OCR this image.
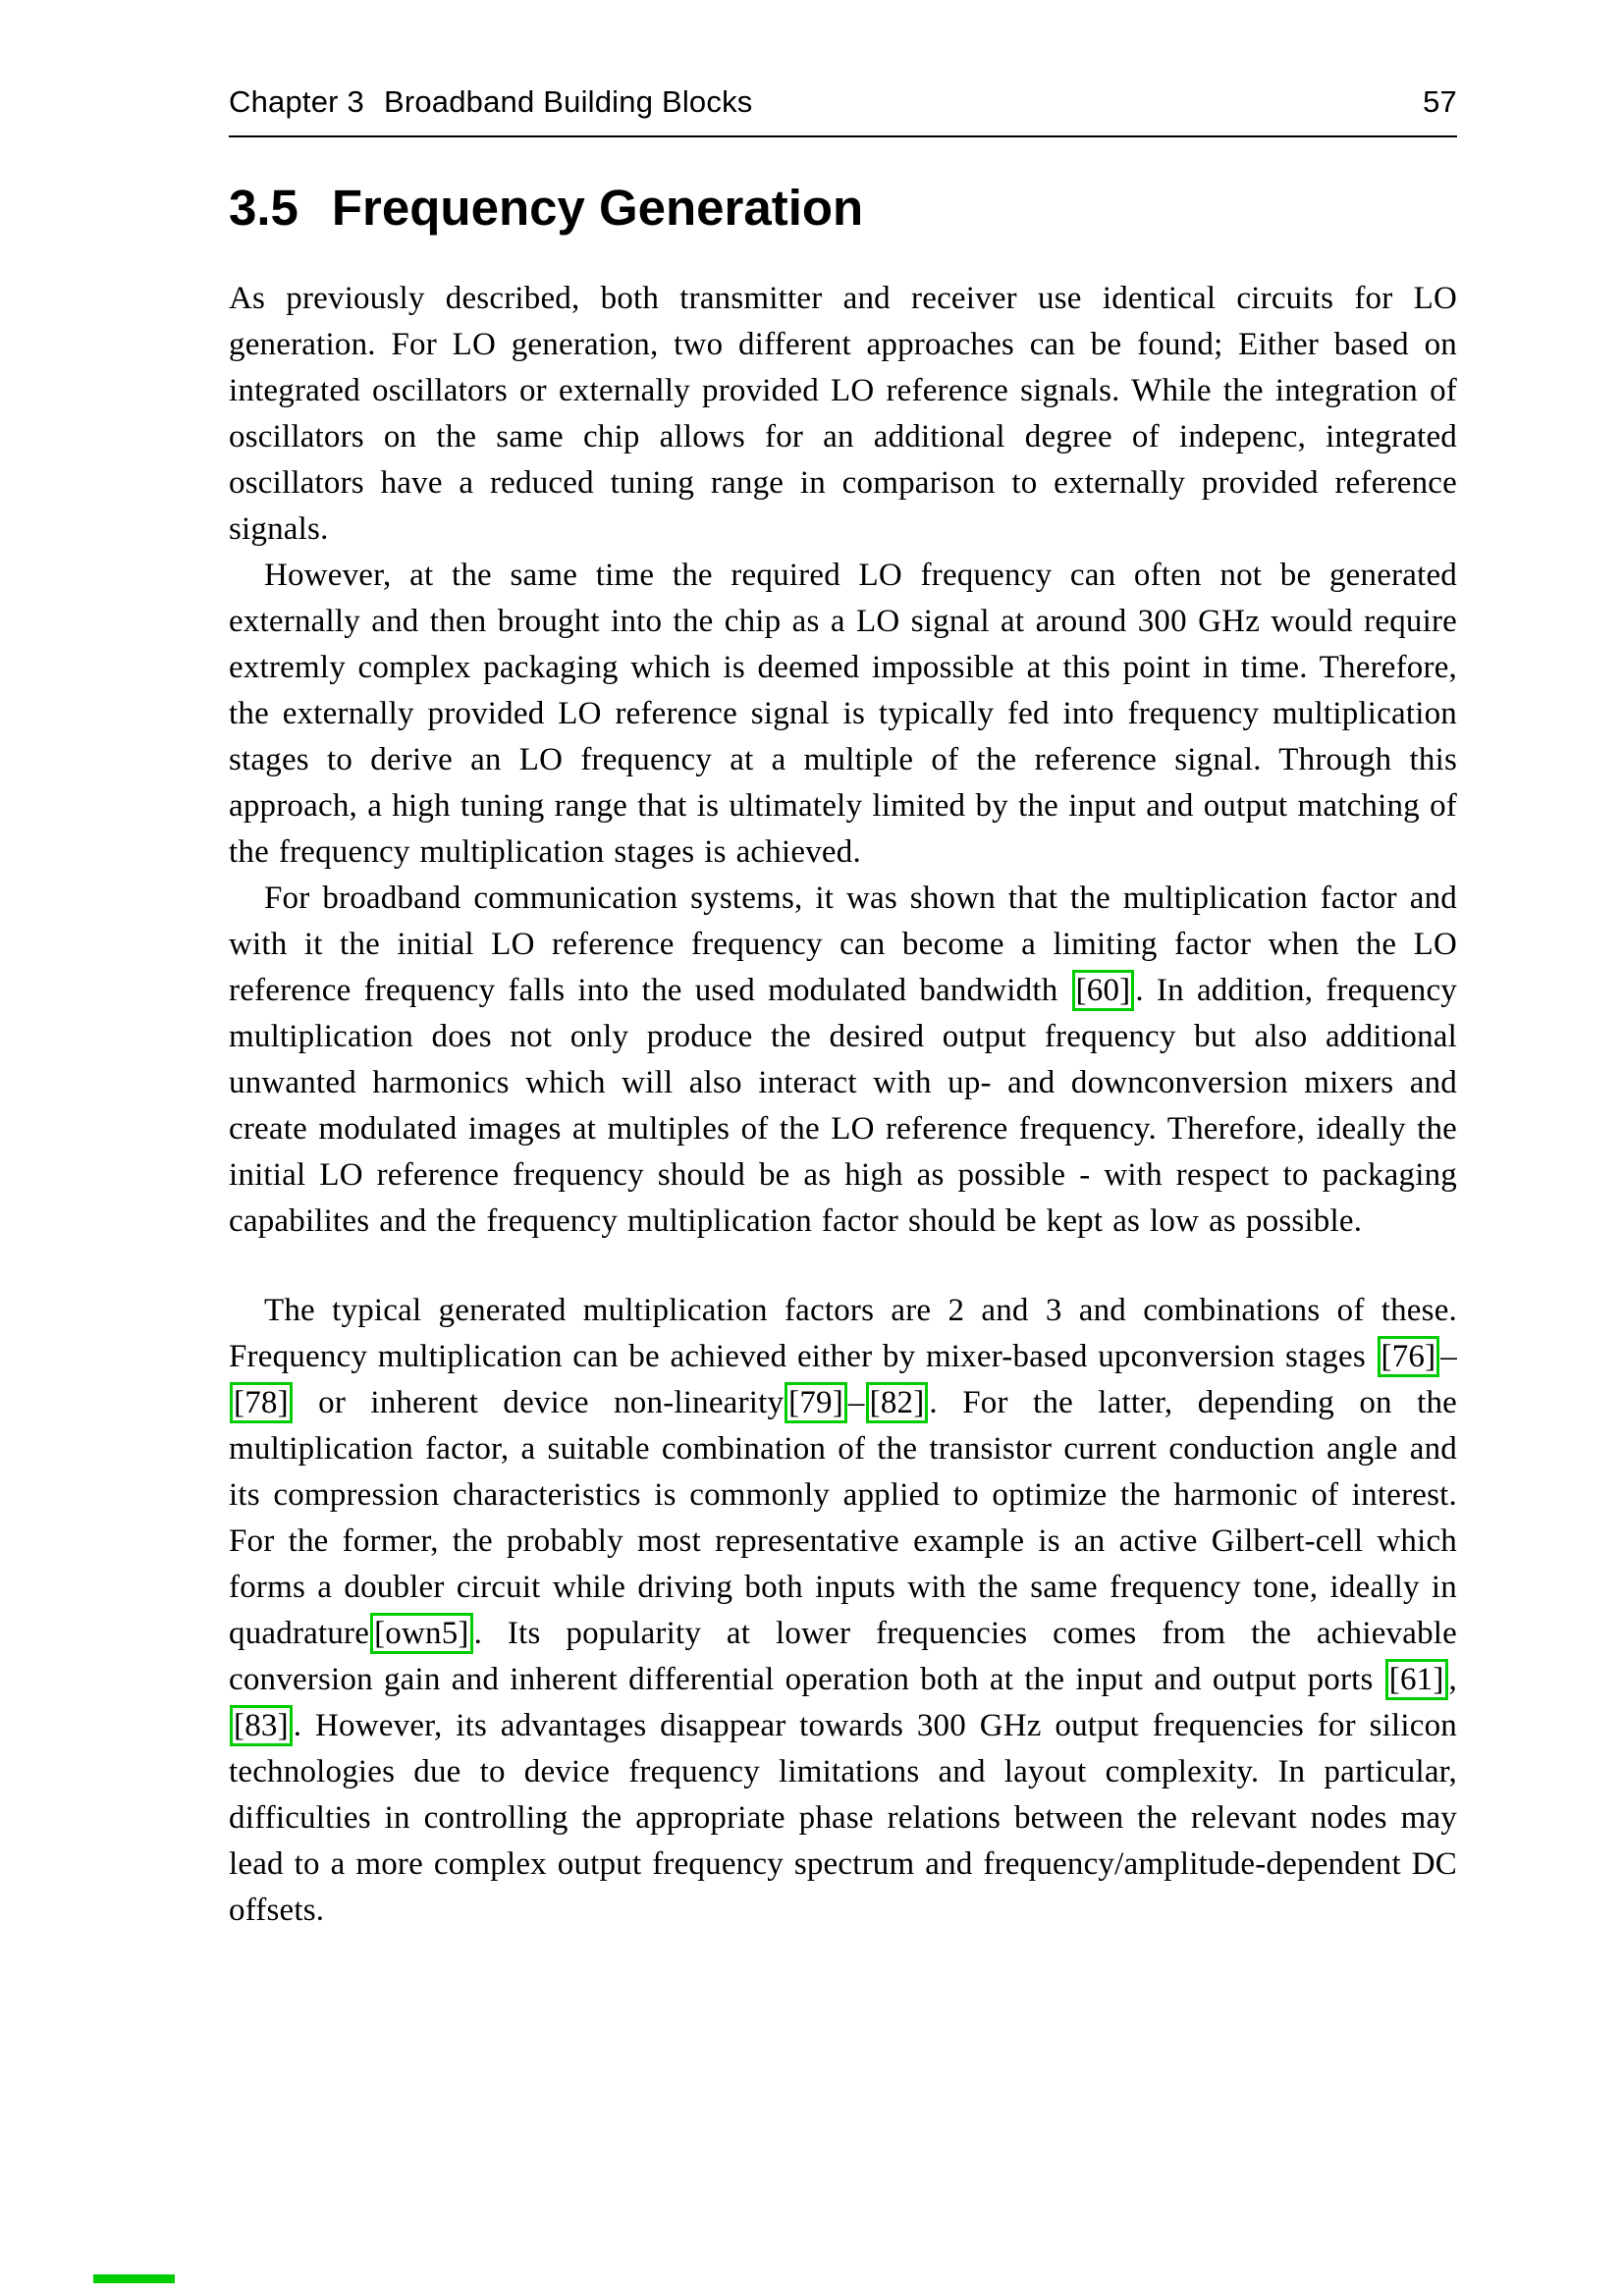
Chapter 3 Broadband Building Blocks	57
3.5 Frequency Generation

As previously described, both transmitter and receiver use identical circuits for LO generation. For LO generation, two different approaches can be found; Either based on integrated oscillators or externally provided LO reference signals. While the integration of oscillators on the same chip allows for an additional degree of indepenc, integrated oscillators have a reduced tuning range in comparison to externally provided reference signals.

However, at the same time the required LO frequency can often not be generated externally and then brought into the chip as a LO signal at around 300 GHz would require extremly complex packaging which is deemed impossible at this point in time. Therefore, the externally provided LO reference signal is typically fed into frequency multiplication stages to derive an LO frequency at a multiple of the reference signal. Through this approach, a high tuning range that is ultimately limited by the input and output matching of the frequency multiplication stages is achieved.

For broadband communication systems, it was shown that the multiplication factor and with it the initial LO reference frequency can become a limiting factor when the LO reference frequency falls into the used modulated bandwidth [60] . In addition, frequency multiplication does not only produce the desired output frequency but also additional unwanted harmonics which will also interact with up- and downconversion mixers and create modulated images at multiples of the LO reference frequency. Therefore, ideally the initial LO reference frequency should be as high as possible - with respect to packaging capabilites and the frequency multiplication factor should be kept as low as possible.

The typical generated multiplication factors are 2 and 3 and combinations of these. Frequency multiplication can be achieved either by mixer-based upconversion stages [76] –[78] or inherent device non-linearity [79] – [82] . For the latter, depending on the multiplication factor, a suitable combination of the transistor current conduction angle and its compression characteristics is commonly applied to optimize the harmonic of interest. For the former, the probably most representative example is an active Gilbert-cell which forms a doubler circuit while driving both inputs with the same frequency tone, ideally in quadrature [own5] . Its popularity at lower frequencies comes from the achievable conversion gain and inherent differential operation both at the input and output ports [61] , [83] . However, its advantages disappear towards 300 GHz output frequencies for silicon technologies due to device frequency limitations and layout complexity. In particular, difficulties in controlling the appropriate phase relations between the relevant nodes may lead to a more complex output frequency spectrum and frequency/amplitude-dependent DC offsets.
